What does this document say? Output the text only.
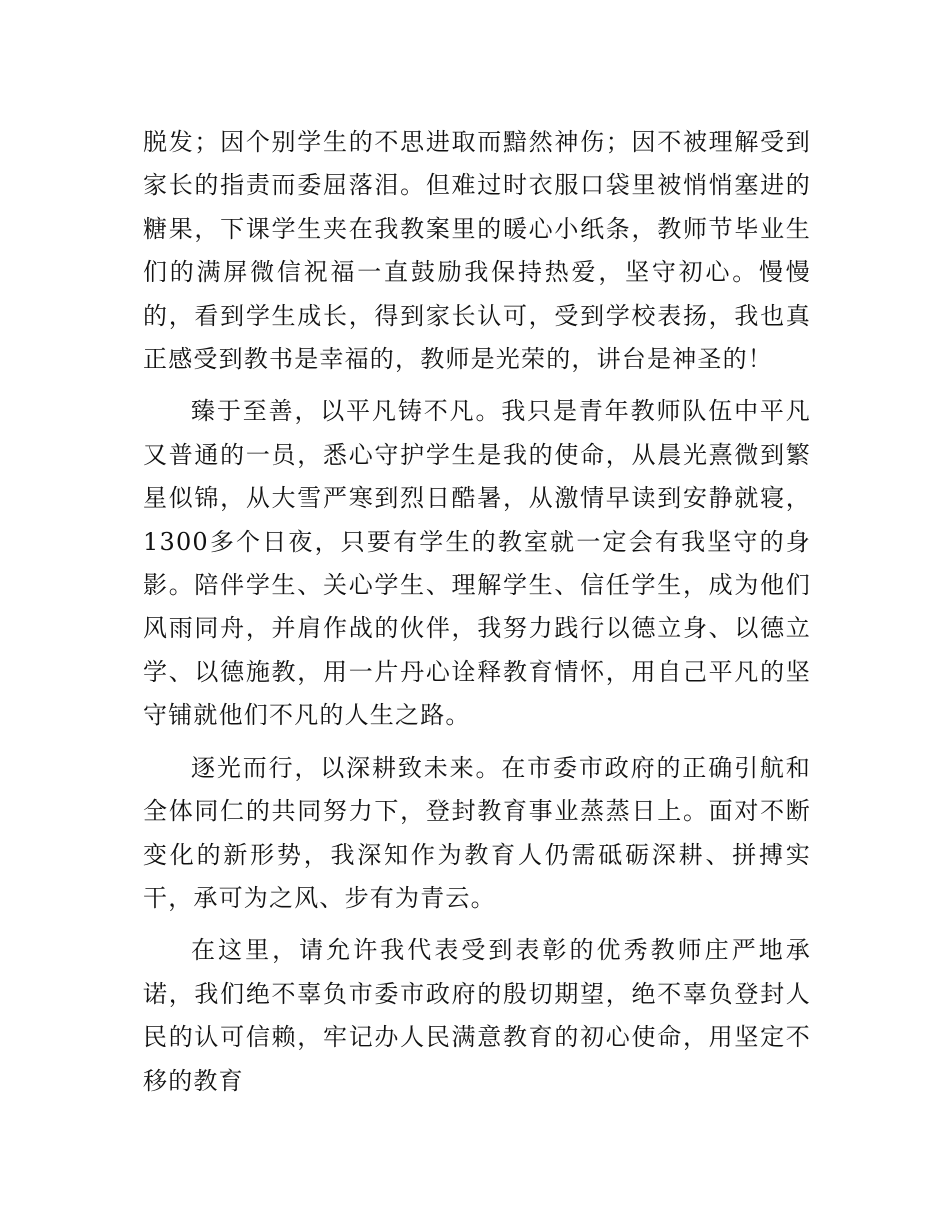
脱发；因个别学生的不思进取而黯然神伤；因不被理解受到家长的指责而委屈落泪。但难过时衣服口袋里被悄悄塞进的糖果，下课学生夹在我教案里的暖心小纸条，教师节毕业生们的满屏微信祝福一直鼓励我保持热爱，坚守初心。慢慢的，看到学生成长，得到家长认可，受到学校表扬，我也真正感受到教书是幸福的，教师是光荣的，讲台是神圣的！

臻于至善，以平凡铸不凡。我只是青年教师队伍中平凡又普通的一员，悉心守护学生是我的使命，从晨光熹微到繁星似锦，从大雪严寒到烈日酷暑，从激情早读到安静就寝，1300多个日夜，只要有学生的教室就一定会有我坚守的身影。陪伴学生、关心学生、理解学生、信任学生，成为他们风雨同舟，并肩作战的伙伴，我努力践行以德立身、以德立学、以德施教，用一片丹心诠释教育情怀，用自己平凡的坚守铺就他们不凡的人生之路。

逐光而行，以深耕致未来。在市委市政府的正确引航和全体同仁的共同努力下，登封教育事业蒸蒸日上。面对不断变化的新形势，我深知作为教育人仍需砥砺深耕、拼搏实干，承可为之风、步有为青云。

在这里，请允许我代表受到表彰的优秀教师庄严地承诺，我们绝不辜负市委市政府的殷切期望，绝不辜负登封人民的认可信赖，牢记办人民满意教育的初心使命，用坚定不移的教育
